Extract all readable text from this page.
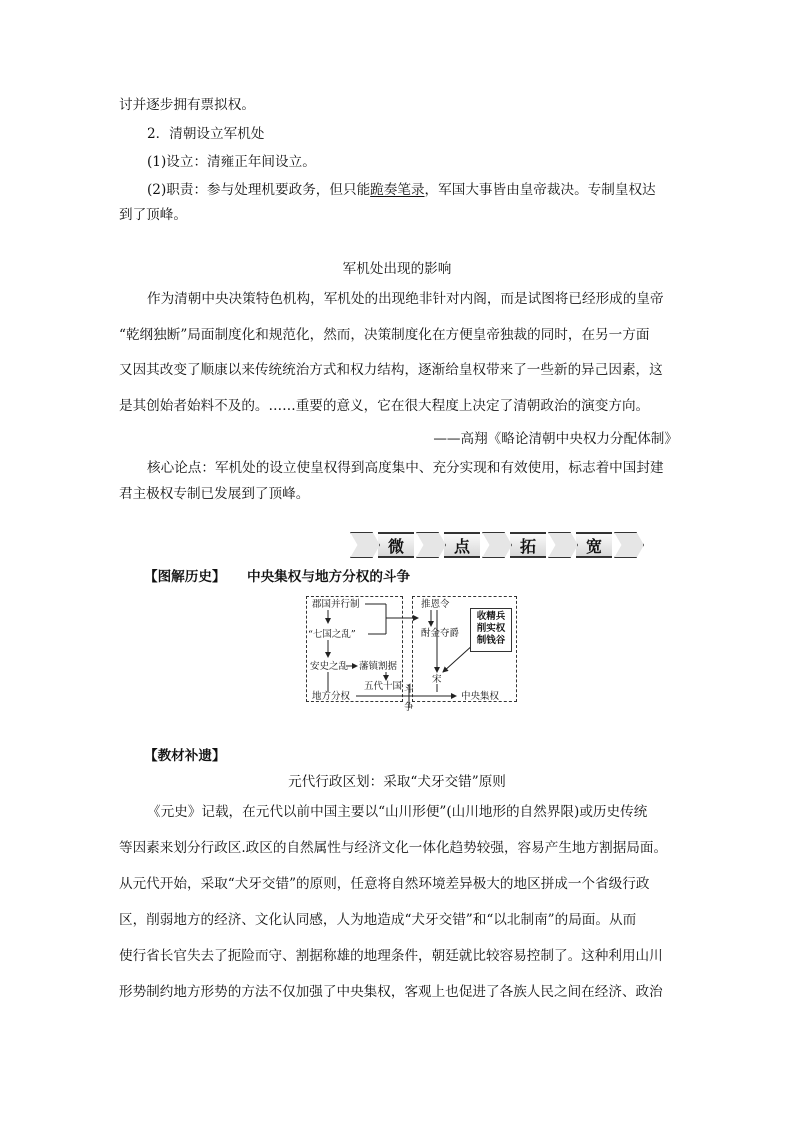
讨并逐步拥有票拟权。
2．清朝设立军机处
(1)设立：清雍正年间设立。
(2)职责：参与处理机要政务，但只能跪奏笔录，军国大事皆由皇帝裁决。专制皇权达
到了顶峰。
军机处出现的影响
作为清朝中央决策特色机构，军机处的出现绝非针对内阁，而是试图将已经形成的皇帝
“乾纲独断”局面制度化和规范化，然而，决策制度化在方便皇帝独裁的同时，在另一方面
又因其改变了顺康以来传统统治方式和权力结构，逐渐给皇权带来了一些新的异己因素，这
是其创始者始料不及的。……重要的意义，它在很大程度上决定了清朝政治的演变方向。
——高翔《略论清朝中央权力分配体制》
核心论点：军机处的设立使皇权得到高度集中、充分实现和有效使用，标志着中国封建
君主极权专制已发展到了顶峰。
微	点	拓	宽
【图解历史】 中央集权与地方分权的斗争
郡国并行制
“七国之乱”
安史之乱 藩镇割据
五代十国
地方分权
推恩令
酎金夺爵
宋
中央集权
收精兵
削实权
制钱谷
斗
争
【教材补遗】
元代行政区划：采取“犬牙交错”原则
《元史》记载，在元代以前中国主要以“山川形便”(山川地形的自然界限)或历史传统
等因素来划分行政区.政区的自然属性与经济文化一体化趋势较强，容易产生地方割据局面。
从元代开始，采取“犬牙交错”的原则，任意将自然环境差异极大的地区拼成一个省级行政
区，削弱地方的经济、文化认同感，人为地造成“犬牙交错”和“以北制南”的局面。从而
使行省长官失去了扼险而守、割据称雄的地理条件，朝廷就比较容易控制了。这种利用山川
形势制约地方形势的方法不仅加强了中央集权，客观上也促进了各族人民之间在经济、政治
